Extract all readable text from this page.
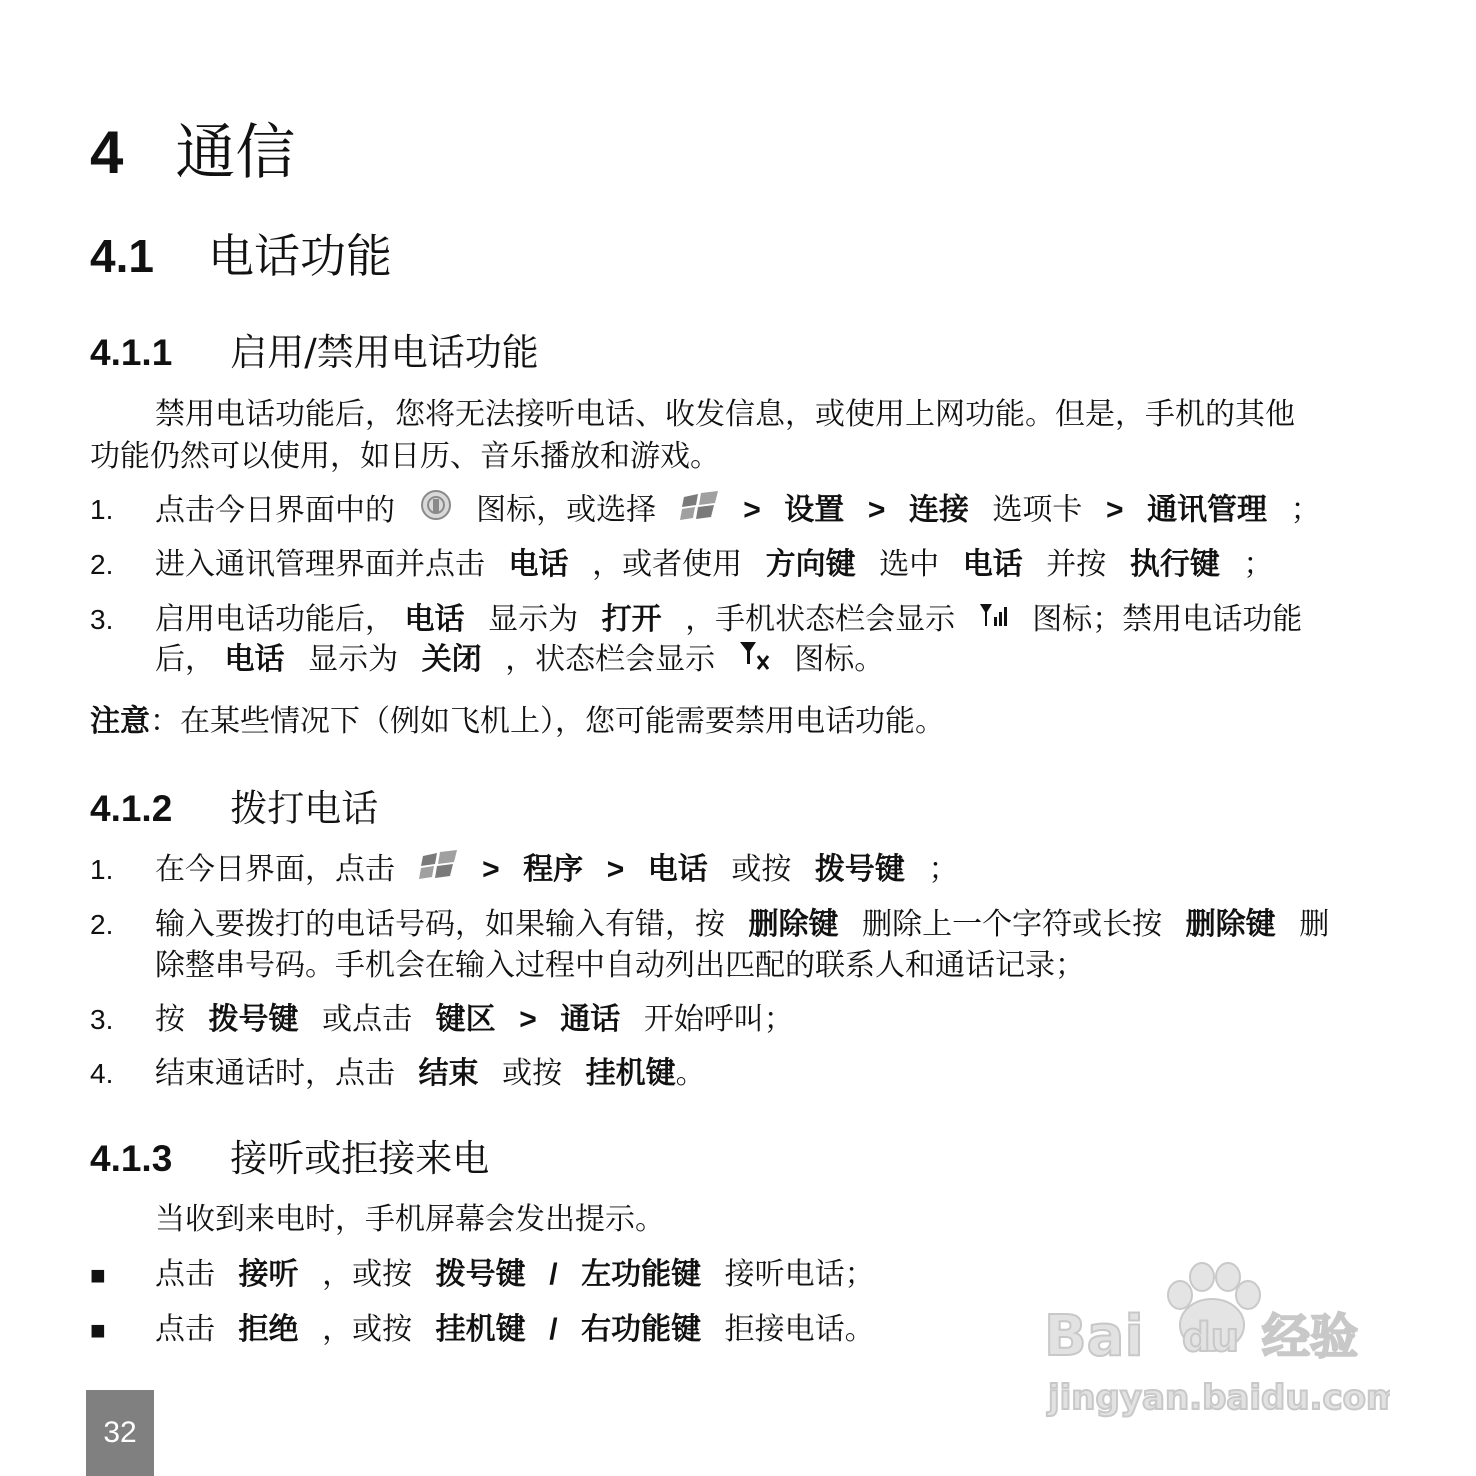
4 通信
4.1 电话功能
4.1.1 启用/禁用电话功能
禁用电话功能后，您将无法接听电话、收发信息，或使用上网功能。但是，手机的其他
功能仍然可以使用，如日历、音乐播放和游戏。
1. 点击今日界面中的	图标，或选择	> 设置 > 连接 选项卡 > 通讯管理 ；
2. 进入通讯管理界面并点击 电话 ，或者使用 方向键 选中 电话 并按 执行键 ；
3. 启用电话功能后， 电话 显示为 打开 ，手机状态栏会显示	图标；禁用电话功能
后， 电话 显示为 关闭 ，状态栏会显示	图标。
注意：在某些情况下（例如飞机上），您可能需要禁用电话功能。
4.1.2 拨打电话
1. 在今日界面，点击	> 程序 > 电话 或按 拨号键 ；
2. 输入要拨打的电话号码，如果输入有错，按 删除键 删除上一个字符或长按 删除键 删
除整串号码。手机会在输入过程中自动列出匹配的联系人和通话记录；
3. 按 拨号键 或点击 键区 > 通话 开始呼叫；
4. 结束通话时，点击 结束 或按 挂机键。
4.1.3 接听或拒接来电
当收到来电时，手机屏幕会发出提示。
■ 点击 接听 ，或按 拨号键 / 左功能键 接听电话；
■ 点击 拒绝 ，或按 挂机键 / 右功能键 拒接电话。
32
Bai du 经验
jingyan.baidu.com
